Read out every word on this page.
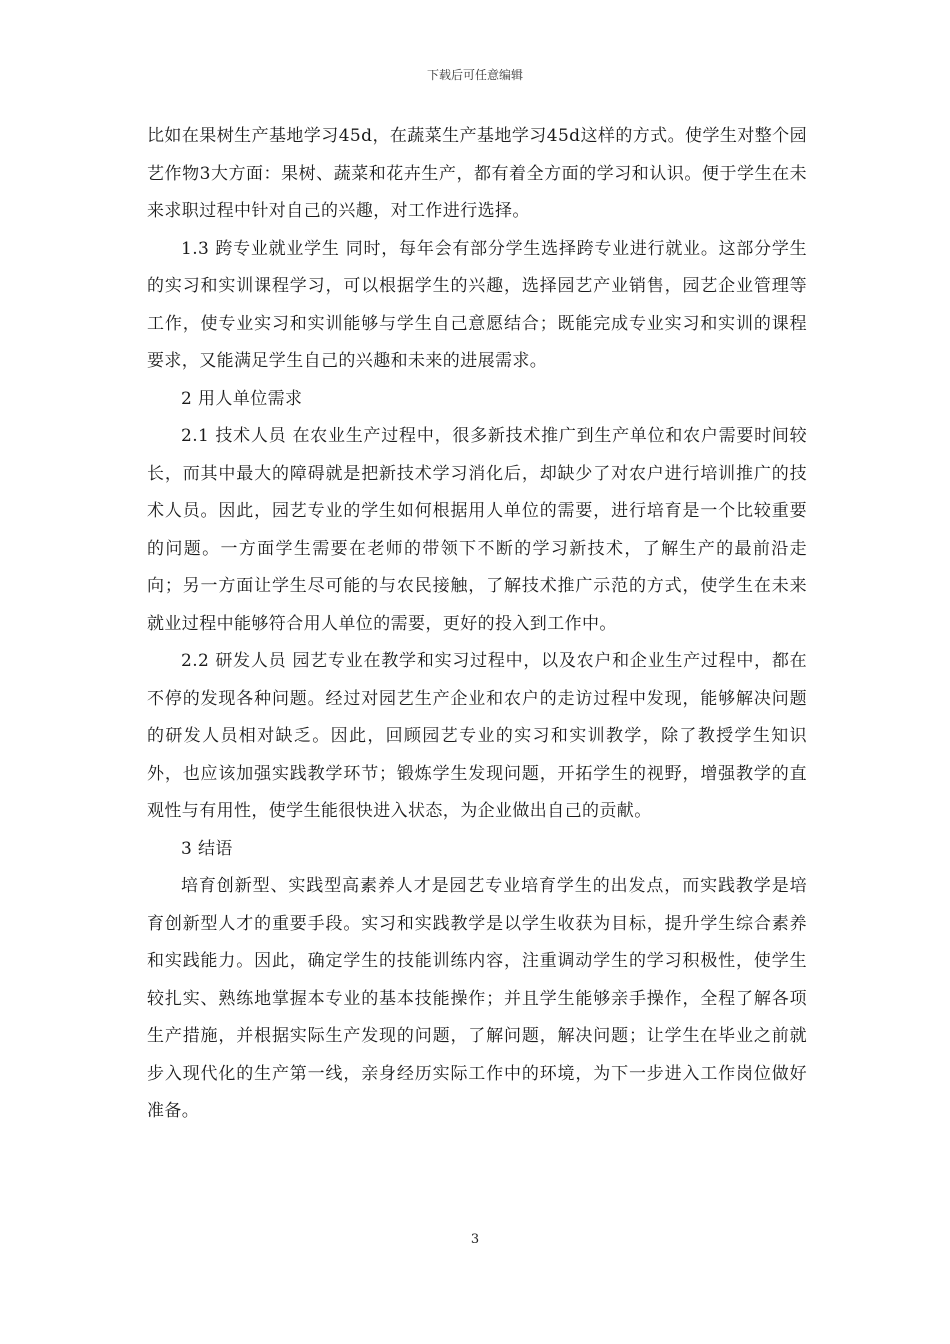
下载后可任意编辑

比如在果树生产基地学习45d，在蔬菜生产基地学习45d这样的方式。使学生对整个园艺作物3大方面：果树、蔬菜和花卉生产，都有着全方面的学习和认识。便于学生在未来求职过程中针对自己的兴趣，对工作进行选择。

1.3 跨专业就业学生 同时，每年会有部分学生选择跨专业进行就业。这部分学生的实习和实训课程学习，可以根据学生的兴趣，选择园艺产业销售，园艺企业管理等工作，使专业实习和实训能够与学生自己意愿结合；既能完成专业实习和实训的课程要求，又能满足学生自己的兴趣和未来的进展需求。

2 用人单位需求

2.1 技术人员 在农业生产过程中，很多新技术推广到生产单位和农户需要时间较长，而其中最大的障碍就是把新技术学习消化后，却缺少了对农户进行培训推广的技术人员。因此，园艺专业的学生如何根据用人单位的需要，进行培育是一个比较重要的问题。一方面学生需要在老师的带领下不断的学习新技术，了解生产的最前沿走向；另一方面让学生尽可能的与农民接触，了解技术推广示范的方式，使学生在未来就业过程中能够符合用人单位的需要，更好的投入到工作中。

2.2 研发人员 园艺专业在教学和实习过程中，以及农户和企业生产过程中，都在不停的发现各种问题。经过对园艺生产企业和农户的走访过程中发现，能够解决问题的研发人员相对缺乏。因此，回顾园艺专业的实习和实训教学，除了教授学生知识外，也应该加强实践教学环节；锻炼学生发现问题，开拓学生的视野，增强教学的直观性与有用性，使学生能很快进入状态，为企业做出自己的贡献。

3 结语

培育创新型、实践型高素养人才是园艺专业培育学生的出发点，而实践教学是培育创新型人才的重要手段。实习和实践教学是以学生收获为目标，提升学生综合素养和实践能力。因此，确定学生的技能训练内容，注重调动学生的学习积极性，使学生较扎实、熟练地掌握本专业的基本技能操作；并且学生能够亲手操作，全程了解各项生产措施，并根据实际生产发现的问题，了解问题，解决问题；让学生在毕业之前就步入现代化的生产第一线，亲身经历实际工作中的环境，为下一步进入工作岗位做好准备。

3
